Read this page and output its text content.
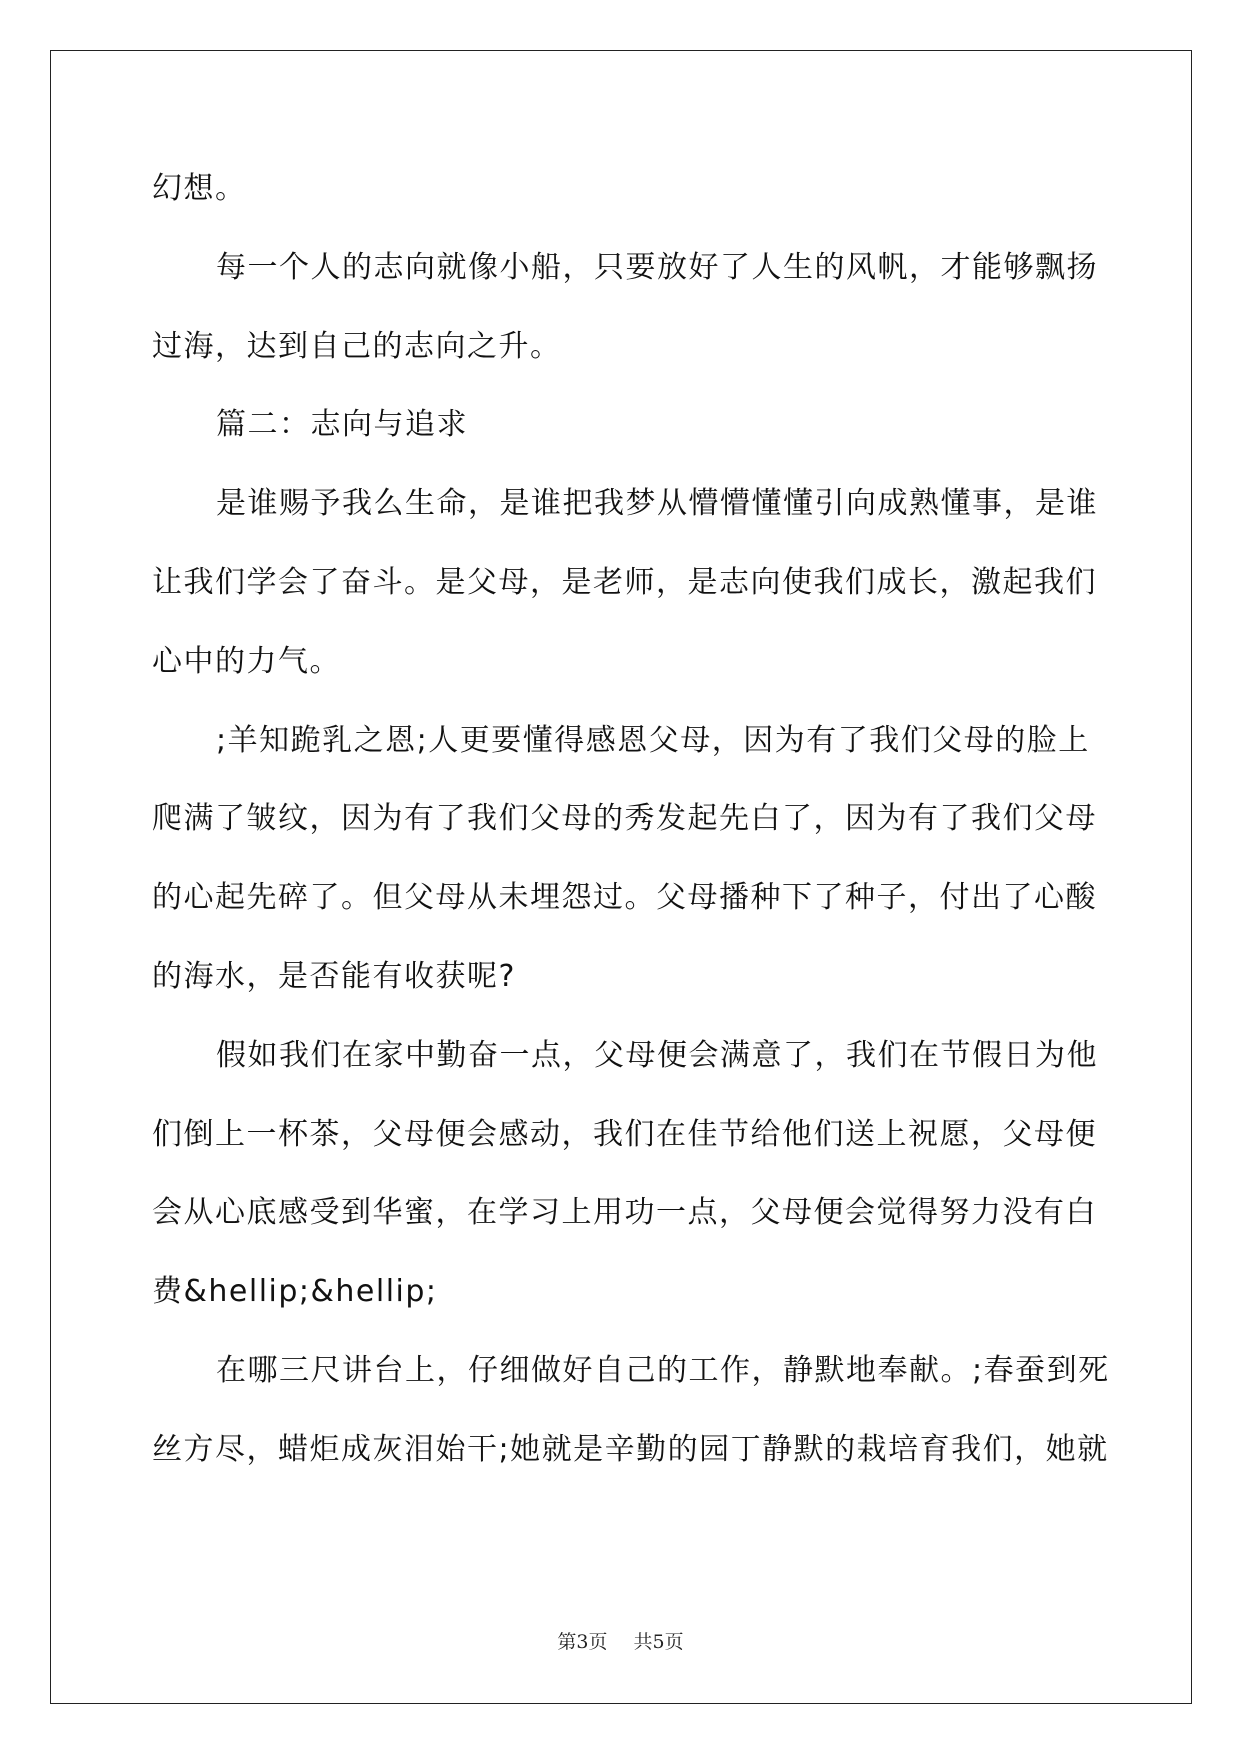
幻想。
每一个人的志向就像小船，只要放好了人生的风帆，才能够飘扬
过海，达到自己的志向之升。
篇二：志向与追求
是谁赐予我么生命，是谁把我梦从懵懵懂懂引向成熟懂事，是谁
让我们学会了奋斗。是父母，是老师，是志向使我们成长，激起我们
心中的力气。
;羊知跪乳之恩;人更要懂得感恩父母，因为有了我们父母的脸上
爬满了皱纹，因为有了我们父母的秀发起先白了，因为有了我们父母
的心起先碎了。但父母从未埋怨过。父母播种下了种子，付出了心酸
的海水，是否能有收获呢?
假如我们在家中勤奋一点，父母便会满意了，我们在节假日为他
们倒上一杯茶，父母便会感动，我们在佳节给他们送上祝愿，父母便
会从心底感受到华蜜，在学习上用功一点，父母便会觉得努力没有白
费&hellip;&hellip;
在哪三尺讲台上，仔细做好自己的工作，静默地奉献。;春蚕到死
丝方尽，蜡炬成灰泪始干;她就是辛勤的园丁静默的栽培育我们，她就
第3页 共5页
